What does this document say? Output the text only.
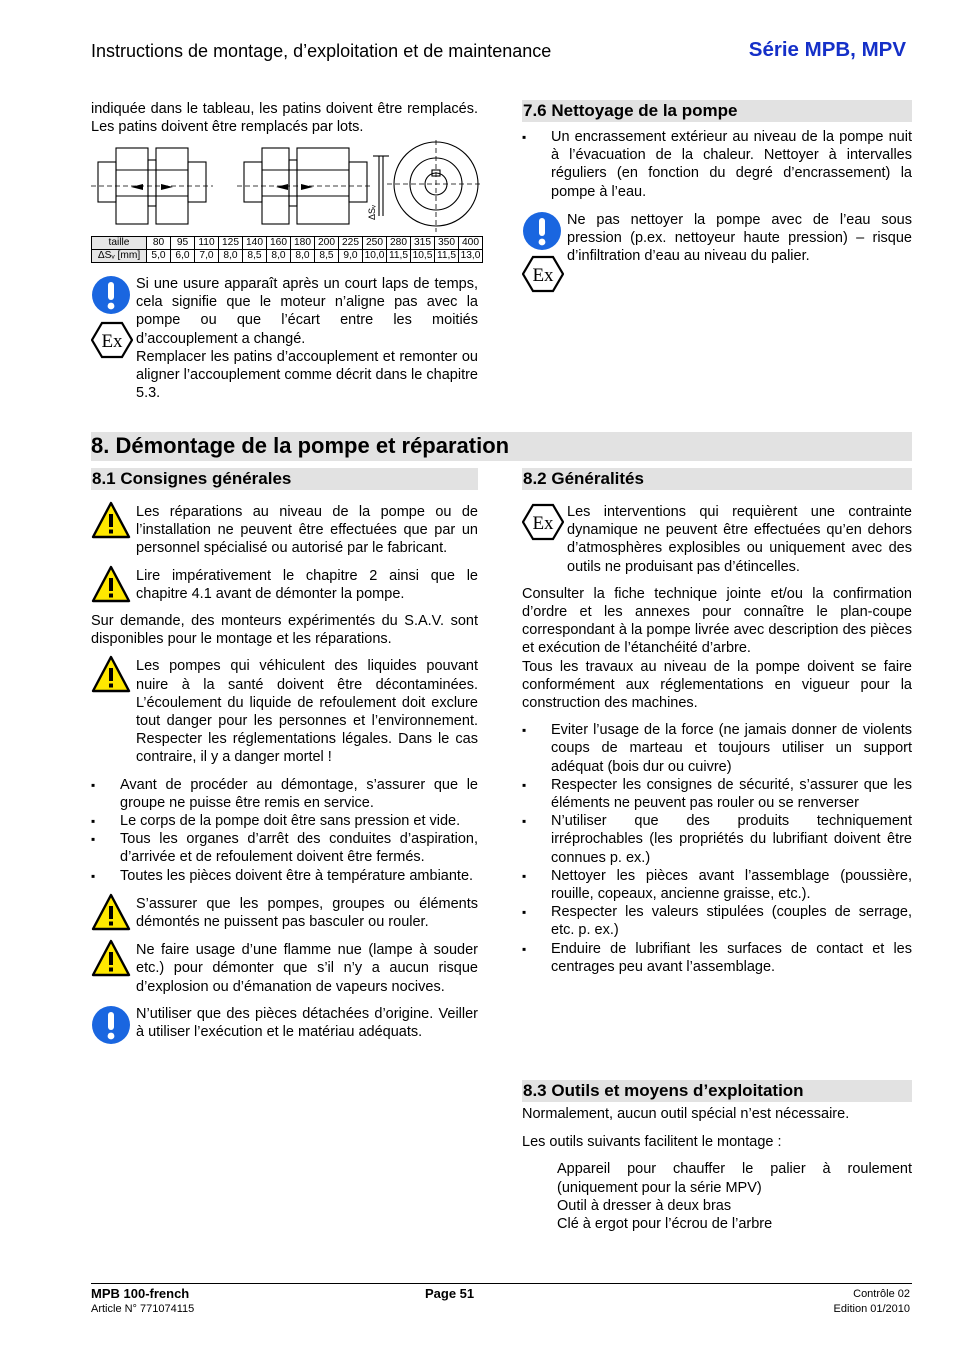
Instructions de montage, d’exploitation et de maintenance	Série MPB, MPV

indiquée dans le tableau, les patins doivent être remplacés. Les patins doivent être remplacés par lots.

ΔSᵥ
taille	80	95	110	125	140	160	180	200	225	250	280	315	350	400
ΔSᵥ [mm]	5,0	6,0	7,0	8,0	8,5	8,0	8,0	8,5	9,0	10,0	11,5	10,5	11,5	13,0
Ex

Si une usure apparaît après un court laps de temps, cela signifie que le moteur n’aligne pas avec la pompe ou que l’écart entre les moitiés d’accouplement a changé.

Remplacer les patins d’accouplement et remonter ou aligner l’accouplement comme décrit dans le chapitre 5.3.

7.6 Nettoyage de la pompe
▪ Un encrassement extérieur au niveau de la pompe nuit à l’évacuation de la chaleur. Nettoyer à intervalles réguliers (en fonction du degré d’encrassement) la pompe à l’eau.
Ex

Ne pas nettoyer la pompe avec de l’eau sous pression (p.ex. nettoyeur haute pression) – risque d’infiltration d’eau au niveau du palier.

8. Démontage de la pompe et réparation
8.1 Consignes générales

Les réparations au niveau de la pompe ou de l’installation ne peuvent être effectuées que par un personnel spécialisé ou autorisé par le fabricant.

Lire impérativement le chapitre 2 ainsi que le chapitre 4.1 avant de démonter la pompe.

Sur demande, des monteurs expérimentés du S.A.V. sont disponibles pour le montage et les réparations.

Les pompes qui véhiculent des liquides pouvant nuire à la santé doivent être décontaminées. L’écoulement du liquide de refoulement doit exclure tout danger pour les personnes et l’environnement. Respecter les réglementations légales. Dans le cas contraire, il y a danger mortel !

▪ Avant de procéder au démontage, s’assurer que le groupe ne puisse être remis en service.
▪ Le corps de la pompe doit être sans pression et vide.
▪ Tous les organes d’arrêt des conduites d’aspiration, d’arrivée et de refoulement doivent être fermés.
▪ Toutes les pièces doivent être à température ambiante.

S’assurer que les pompes, groupes ou éléments démontés ne puissent pas basculer ou rouler.

Ne faire usage d’une flamme nue (lampe à souder etc.) pour démonter que s’il n’y a aucun risque d’explosion ou d’émanation de vapeurs nocives.

N’utiliser que des pièces détachées d’origine. Veiller à utiliser l’exécution et le matériau adéquats.

8.2 Généralités
Ex

Les interventions qui requièrent une contrainte dynamique ne peuvent être effectuées qu’en dehors d’atmosphères explosibles ou uniquement avec des outils ne produisant pas d’étincelles.

Consulter la fiche technique jointe et/ou la confirmation d’ordre et les annexes pour connaître le plan-coupe correspondant à la pompe livrée avec description des pièces et exécution de l’étanchéité d’arbre.

Tous les travaux au niveau de la pompe doivent se faire conformément aux réglementations en vigueur pour la construction des machines.

▪ Eviter l’usage de la force (ne jamais donner de violents coups de marteau et toujours utiliser un support adéquat (bois dur ou cuivre)
▪ Respecter les consignes de sécurité, s’assurer que les éléments ne peuvent pas rouler ou se renverser
▪ N’utiliser que des produits techniquement irréprochables (les propriétés du lubrifiant doivent être connues p. ex.)
▪ Nettoyer les pièces avant l’assemblage (poussière, rouille, copeaux, ancienne graisse, etc.).
▪ Respecter les valeurs stipulées (couples de serrage, etc. p. ex.)
▪ Enduire de lubrifiant les surfaces de contact et les centrages peu avant l’assemblage.
8.3 Outils et moyens d’exploitation

Normalement, aucun outil spécial n’est nécessaire.

Les outils suivants facilitent le montage :

Appareil pour chauffer le palier à roulement (uniquement pour la série MPV)

Outil à dresser à deux bras

Clé à ergot pour l’écrou de l’arbre

MPB 100-french
Article N° 771074115
Page 51	Contrôle 02
Edition 01/2010
